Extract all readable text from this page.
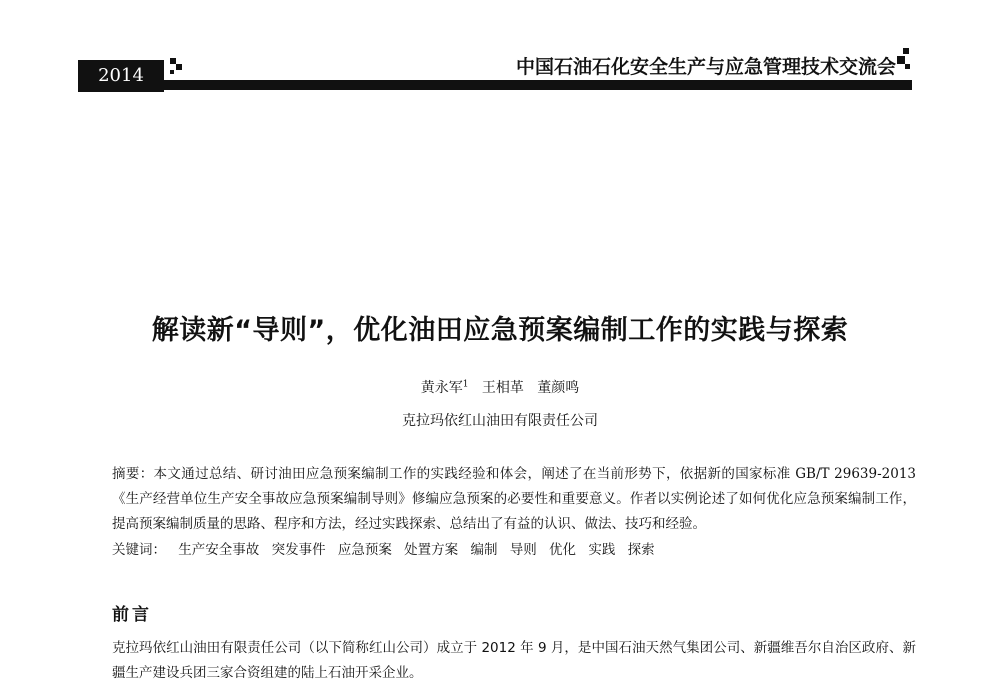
2014	中国石油石化安全生产与应急管理技术交流会
解读新“导则”，优化油田应急预案编制工作的实践与探索
黄永军$^1$ 王相革 董颜鸣
克拉玛依红山油田有限责任公司
摘要：本文通过总结、研讨油田应急预案编制工作的实践经验和体会，阐述了在当前形势下，依据新的国家标准 GB/T 29639-2013《生产经营单位生产安全事故应急预案编制导则》修编应急预案的必要性和重要意义。作者以实例论述了如何优化应急预案编制工作，提高预案编制质量的思路、程序和方法，经过实践探索、总结出了有益的认识、做法、技巧和经验。
关键词： 生产安全事故 突发事件 应急预案 处置方案 编制 导则 优化 实践 探索
前言
克拉玛依红山油田有限责任公司（以下简称红山公司）成立于 2012 年 9 月，是中国石油天然气集团公司、新疆维吾尔自治区政府、新疆生产建设兵团三家合资组建的陆上石油开采企业。
